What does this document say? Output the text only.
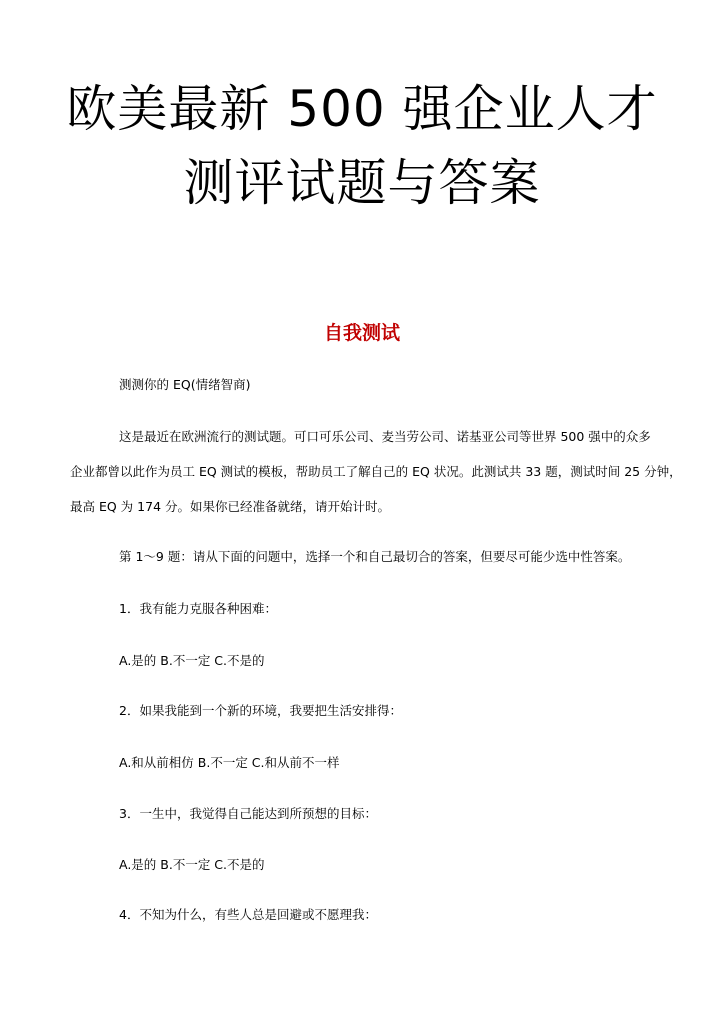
欧美最新 500 强企业人才
测评试题与答案
自我测试

测测你的 EQ(情绪智商)

这是最近在欧洲流行的测试题。可口可乐公司、麦当劳公司、诺基亚公司等世界 500 强中的众多

企业都曾以此作为员工 EQ 测试的模板，帮助员工了解自己的 EQ 状况。此测试共 33 题，测试时间 25 分钟，

最高 EQ 为 174 分。如果你已经准备就绪，请开始计时。

第 1～9 题：请从下面的问题中，选择一个和自己最切合的答案，但要尽可能少选中性答案。

1．我有能力克服各种困难：

A.是的 B.不一定 C.不是的

2．如果我能到一个新的环境，我要把生活安排得：

A.和从前相仿 B.不一定 C.和从前不一样

3．一生中，我觉得自己能达到所预想的目标：

A.是的 B.不一定 C.不是的

4．不知为什么，有些人总是回避或不愿理我：
